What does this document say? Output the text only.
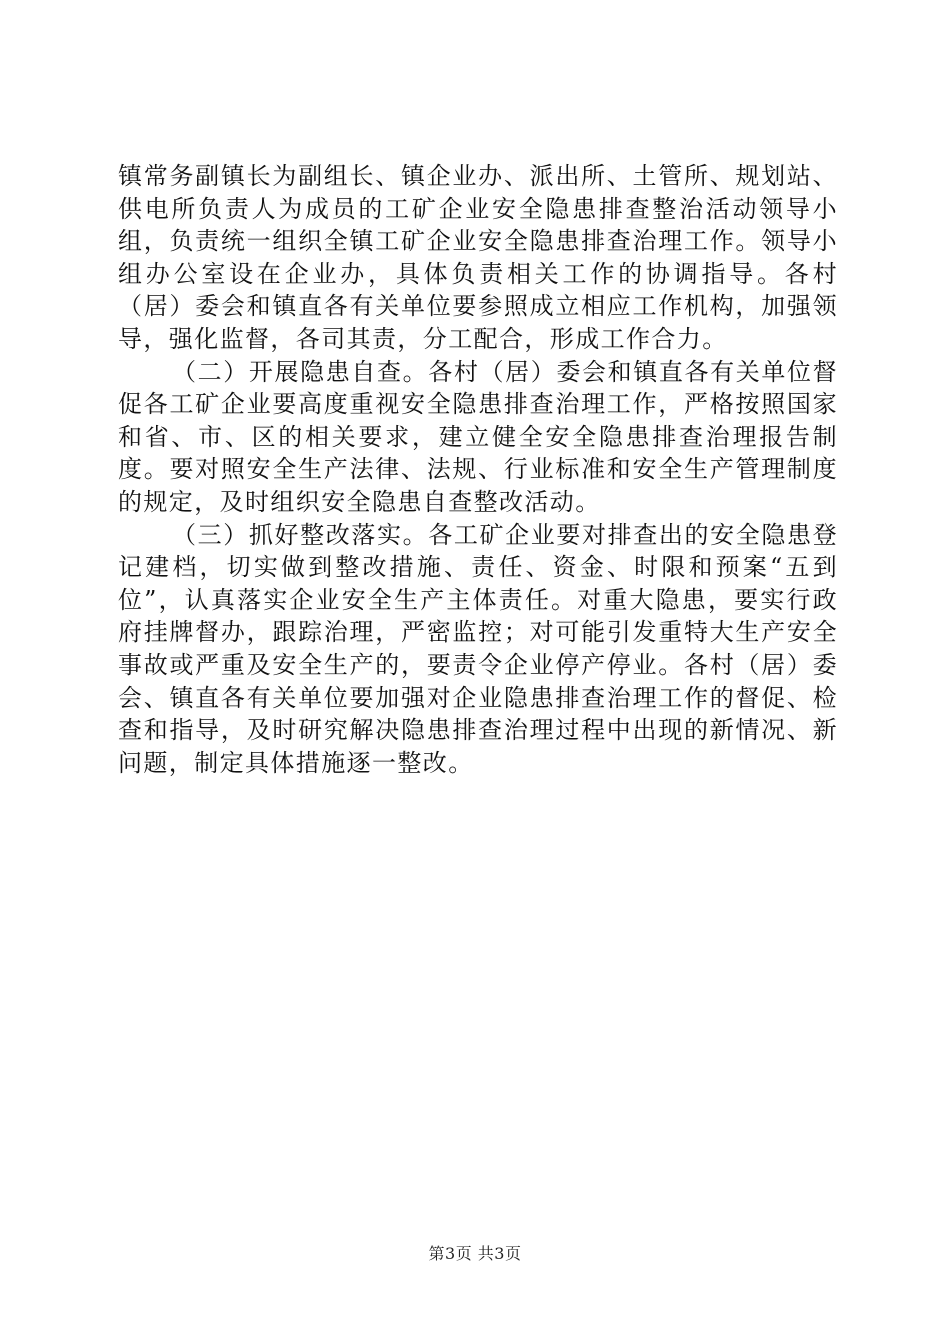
镇常务副镇长为副组长、镇企业办、派出所、土管所、规划站、供电所负责人为成员的工矿企业安全隐患排查整治活动领导小组，负责统一组织全镇工矿企业安全隐患排查治理工作。领导小组办公室设在企业办，具体负责相关工作的协调指导。各村（居）委会和镇直各有关单位要参照成立相应工作机构，加强领导，强化监督，各司其责，分工配合，形成工作合力。

（二）开展隐患自查。各村（居）委会和镇直各有关单位督促各工矿企业要高度重视安全隐患排查治理工作，严格按照国家和省、市、区的相关要求，建立健全安全隐患排查治理报告制度。要对照安全生产法律、法规、行业标准和安全生产管理制度的规定，及时组织安全隐患自查整改活动。

（三）抓好整改落实。各工矿企业要对排查出的安全隐患登记建档，切实做到整改措施、责任、资金、时限和预案“五到位”，认真落实企业安全生产主体责任。对重大隐患，要实行政府挂牌督办，跟踪治理，严密监控；对可能引发重特大生产安全事故或严重及安全生产的，要责令企业停产停业。各村（居）委会、镇直各有关单位要加强对企业隐患排查治理工作的督促、检查和指导，及时研究解决隐患排查治理过程中出现的新情况、新问题，制定具体措施逐一整改。

第3页 共3页
